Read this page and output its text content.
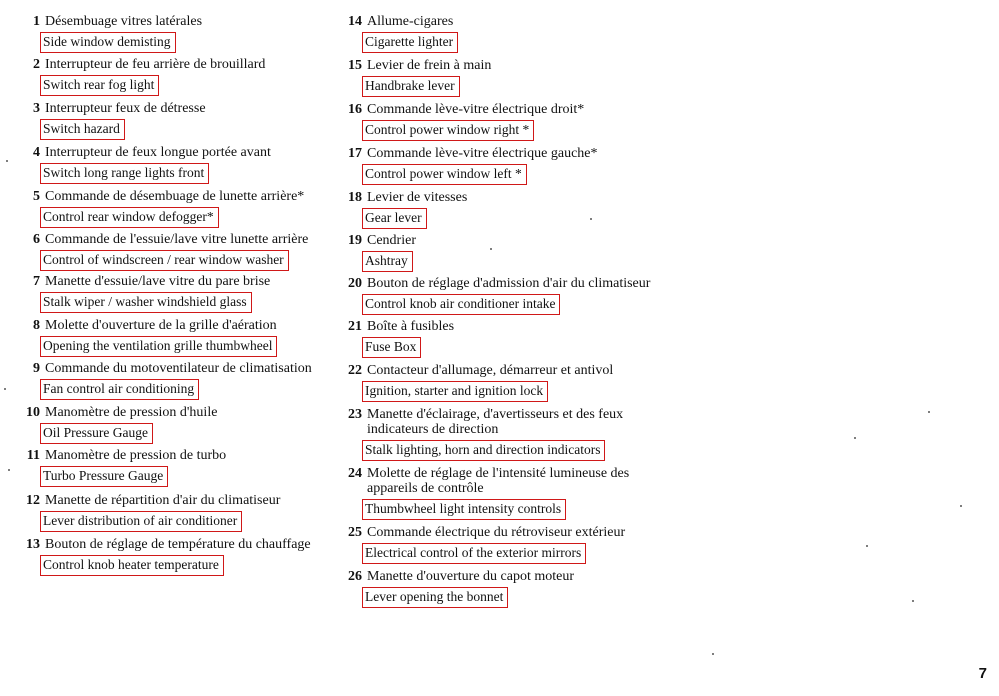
1 Désembuage vitres latérales
Side window demisting
2 Interrupteur de feu arrière de brouillard
Switch rear fog light
3 Interrupteur feux de détresse
Switch hazard
4 Interrupteur de feux longue portée avant
Switch long range lights front
5 Commande de désembuage de lunette arrière*
Control rear window defogger*
6 Commande de l'essuie/lave vitre lunette arrière
Control of windscreen / rear window washer
7 Manette d'essuie/lave vitre du pare brise
Stalk wiper / washer windshield glass
8 Molette d'ouverture de la grille d'aération
Opening the ventilation grille thumbwheel
9 Commande du motoventilateur de climatisation
Fan control air conditioning
10 Manomètre de pression d'huile
Oil Pressure Gauge
11 Manomètre de pression de turbo
Turbo Pressure Gauge
12 Manette de répartition d'air du climatiseur
Lever distribution of air conditioner
13 Bouton de réglage de température du chauffage
Control knob heater temperature
14 Allume-cigares
Cigarette lighter
15 Levier de frein à main
Handbrake lever
16 Commande lève-vitre électrique droit*
Control power window right *
17 Commande lève-vitre électrique gauche*
Control power window left *
18 Levier de vitesses
Gear lever
19 Cendrier
Ashtray
20 Bouton de réglage d'admission d'air du climatiseur
Control knob air conditioner intake
21 Boîte à fusibles
Fuse Box
22 Contacteur d'allumage, démarreur et antivol
Ignition, starter and ignition lock
23 Manette d'éclairage, d'avertisseurs et des feux indicateurs de direction
Stalk lighting, horn and direction indicators
24 Molette de réglage de l'intensité lumineuse des appareils de contrôle
Thumbwheel light intensity controls
25 Commande électrique du rétroviseur extérieur
Electrical control of the exterior mirrors
26 Manette d'ouverture du capot moteur
Lever opening the bonnet
7
